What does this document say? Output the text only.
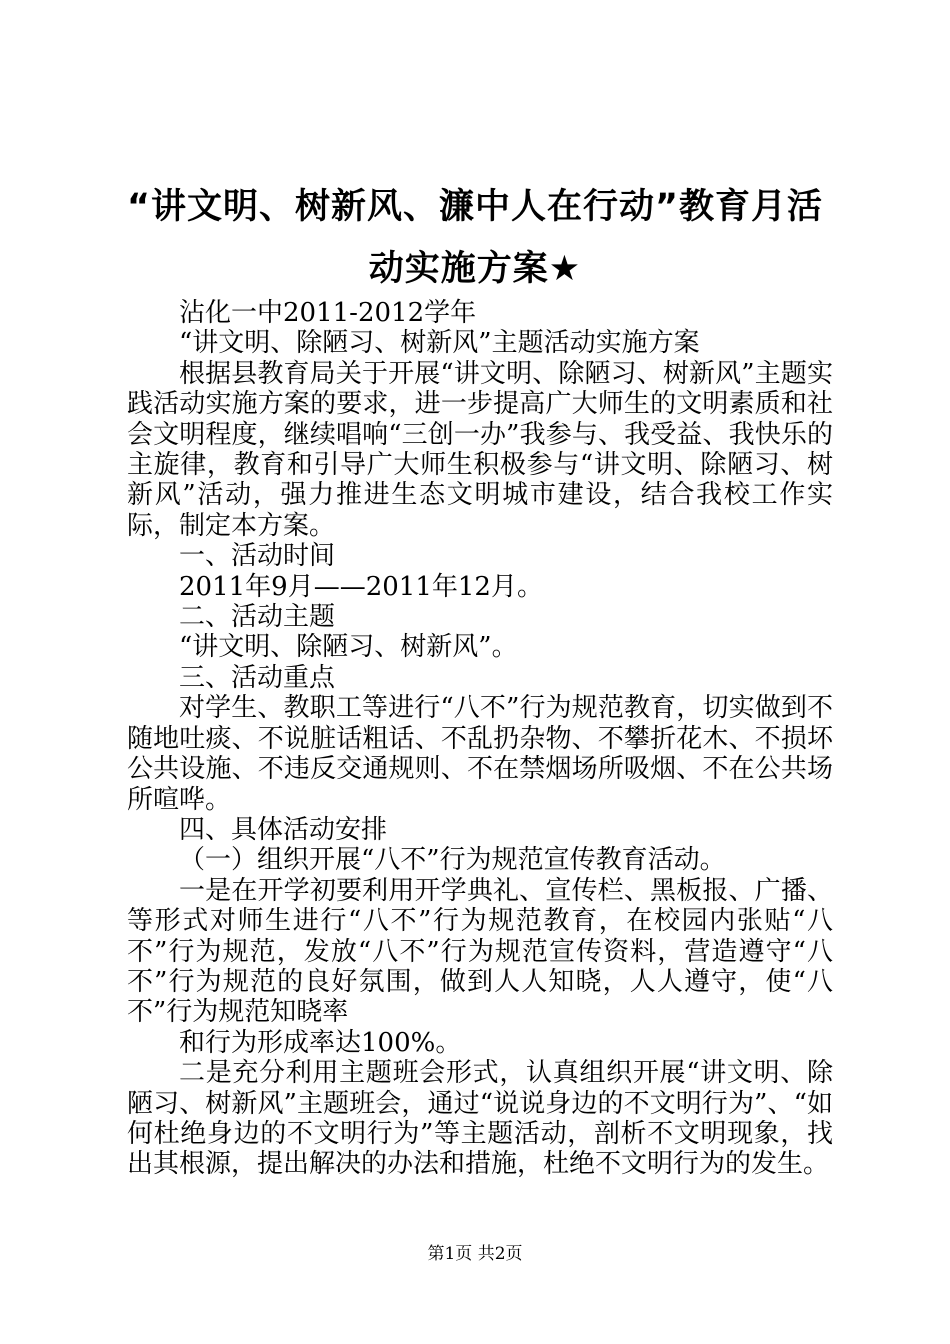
“讲文明、树新风、濂中人在行动”教育月活动实施方案★

沾化一中2011-2012学年

“讲文明、除陋习、树新风”主题活动实施方案

根据县教育局关于开展“讲文明、除陋习、树新风”主题实践活动实施方案的要求，进一步提高广大师生的文明素质和社会文明程度，继续唱响“三创一办”我参与、我受益、我快乐的主旋律，教育和引导广大师生积极参与“讲文明、除陋习、树新风”活动，强力推进生态文明城市建设，结合我校工作实际，制定本方案。

一、活动时间

2011年9月——2011年12月。

二、活动主题

“讲文明、除陋习、树新风”。

三、活动重点

对学生、教职工等进行“八不”行为规范教育，切实做到不随地吐痰、不说脏话粗话、不乱扔杂物、不攀折花木、不损坏公共设施、不违反交通规则、不在禁烟场所吸烟、不在公共场所喧哗。

四、具体活动安排

（一）组织开展“八不”行为规范宣传教育活动。

一是在开学初要利用开学典礼、宣传栏、黑板报、广播、等形式对师生进行“八不”行为规范教育，在校园内张贴“八不”行为规范，发放“八不”行为规范宣传资料，营造遵守“八不”行为规范的良好氛围，做到人人知晓，人人遵守，使“八不”行为规范知晓率

和行为形成率达100%。

二是充分利用主题班会形式，认真组织开展“讲文明、除陋习、树新风”主题班会，通过“说说身边的不文明行为”、“如何杜绝身边的不文明行为”等主题活动，剖析不文明现象，找出其根源，提出解决的办法和措施，杜绝不文明行为的发生。

第1页 共2页
